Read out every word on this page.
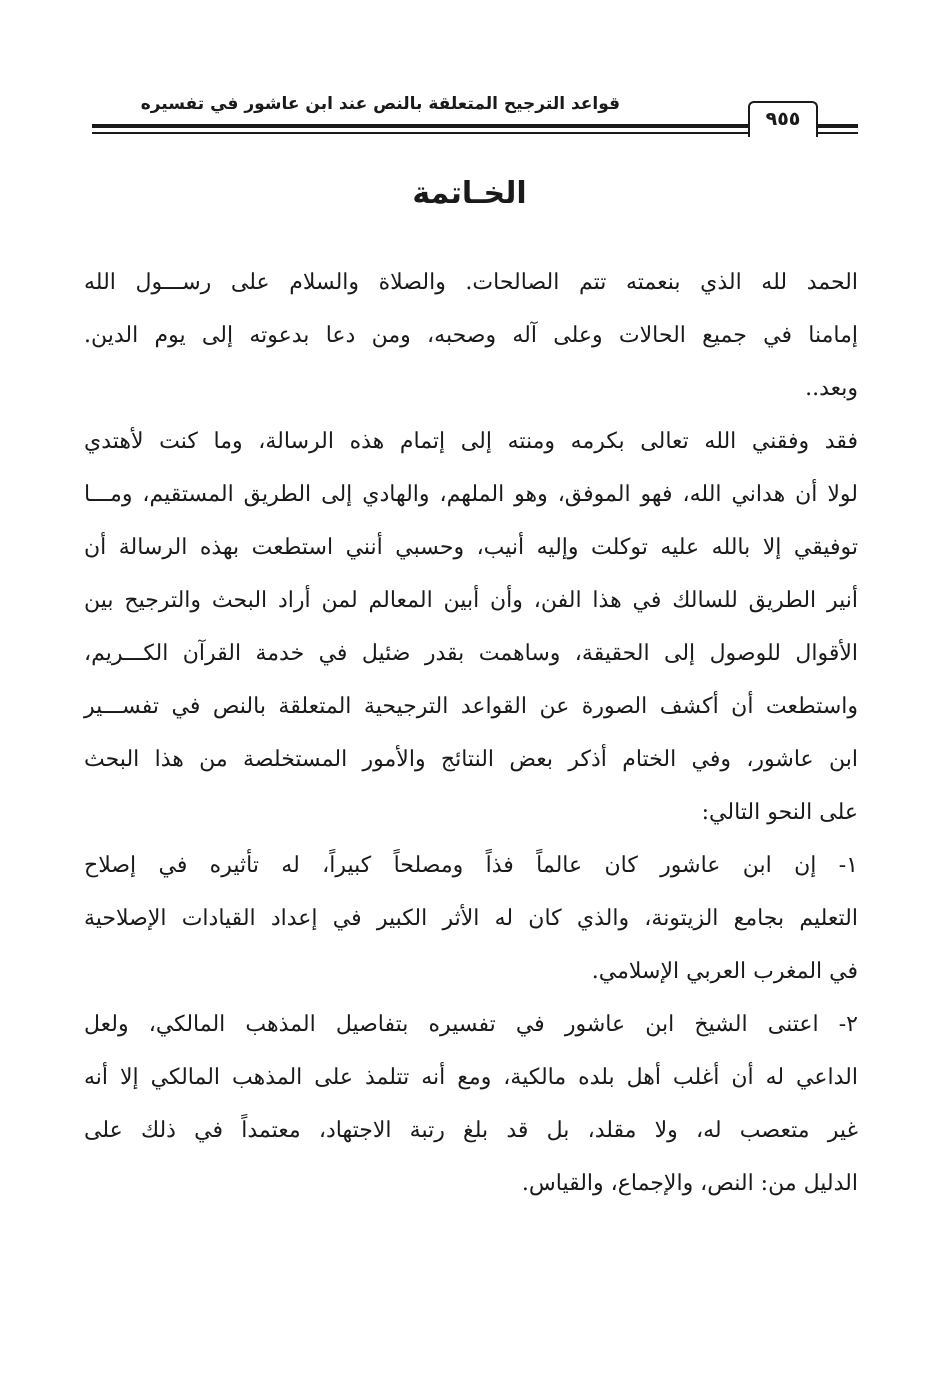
قواعد الترجيح المتعلقة بالنص عند ابن عاشور في تفسيره
٩٥٥
الخـاتمة
الحمد لله الذي بنعمته تتم الصالحات. والصلاة والسلام على رســـول الله
إمامنا في جميع الحالات وعلى آله وصحبه، ومن دعا بدعوته إلى يوم الدين.
وبعد..
فقد وفقني الله تعالى بكرمه ومنته إلى إتمام هذه الرسالة، وما كنت لأهتدي
لولا أن هداني الله، فهو الموفق، وهو الملهم، والهادي إلى الطريق المستقيم، ومـــا
توفيقي إلا بالله عليه توكلت وإليه أنيب، وحسبي أنني استطعت بهذه الرسالة أن
أنير الطريق للسالك في هذا الفن، وأن أبين المعالم لمن أراد البحث والترجيح بين
الأقوال للوصول إلى الحقيقة، وساهمت بقدر ضئيل في خدمة القرآن الكـــريم،
واستطعت أن أكشف الصورة عن القواعد الترجيحية المتعلقة بالنص في تفســـير
ابن عاشور، وفي الختام أذكر بعض النتائج والأمور المستخلصة من هذا البحث
على النحو التالي:
١- إن ابن عاشور كان عالماً فذاً ومصلحاً كبيراً، له تأثيره في إصلاح
التعليم بجامع الزيتونة، والذي كان له الأثر الكبير في إعداد القيادات الإصلاحية
في المغرب العربي الإسلامي.
٢- اعتنى الشيخ ابن عاشور في تفسيره بتفاصيل المذهب المالكي، ولعل
الداعي له أن أغلب أهل بلده مالكية، ومع أنه تتلمذ على المذهب المالكي إلا أنه
غير متعصب له، ولا مقلد، بل قد بلغ رتبة الاجتهاد، معتمداً في ذلك على
الدليل من: النص، والإجماع، والقياس.
